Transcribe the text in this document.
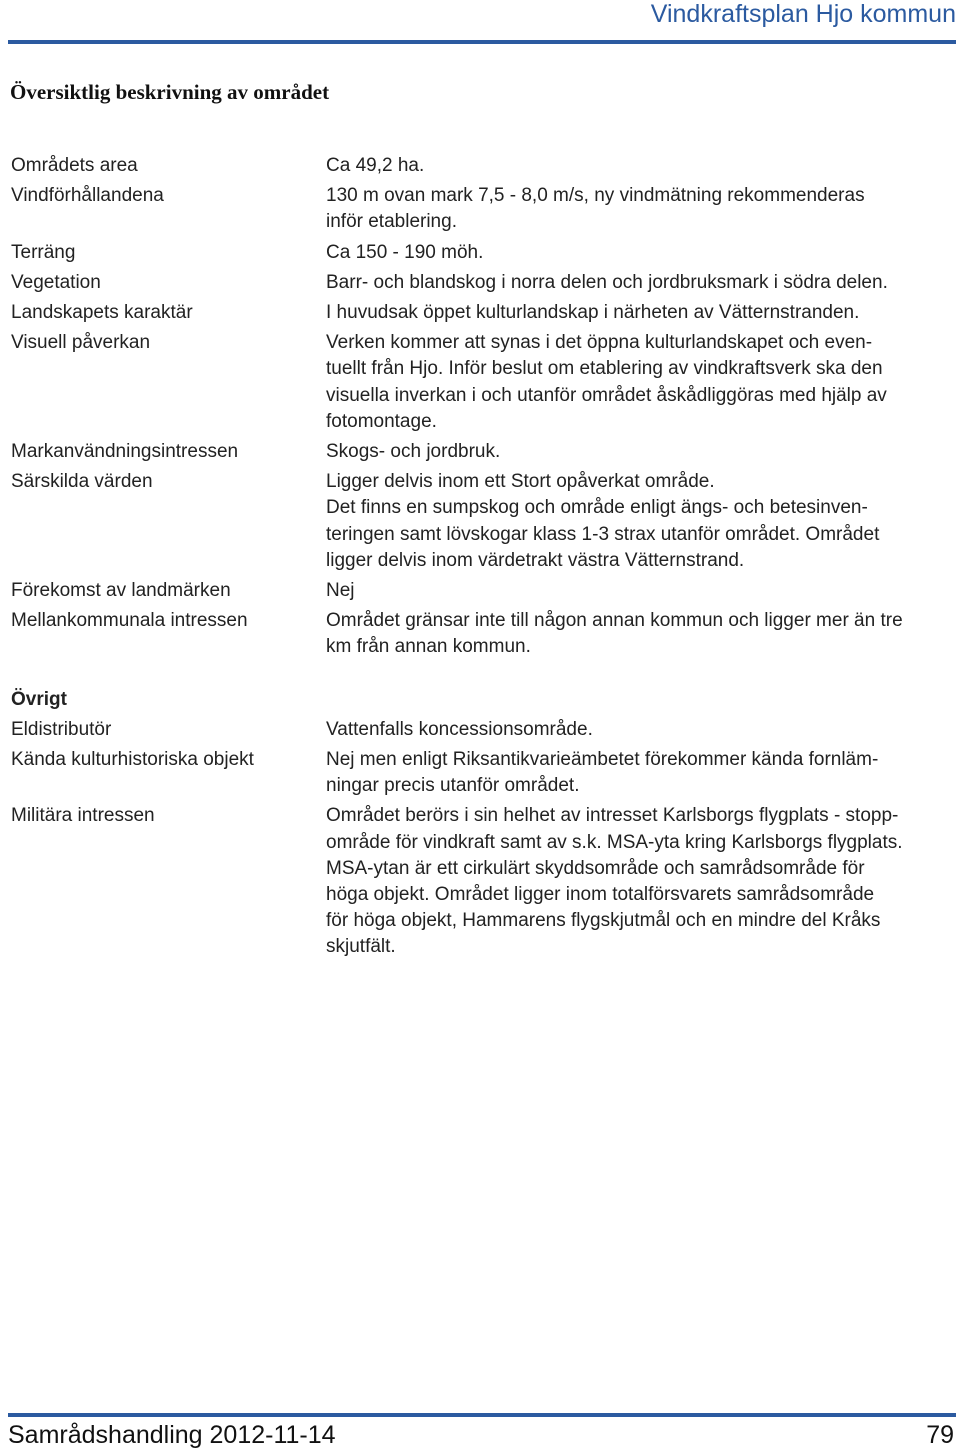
Vindkraftsplan Hjo kommun
Översiktlig beskrivning av området
Områdets area	Ca 49,2 ha.

Vindförhållandena	130 m ovan mark 7,5 - 8,0 m/s, ny vindmätning rekommenderas

inför etablering.

Terräng	Ca 150 - 190 möh.

Vegetation	Barr- och blandskog i norra delen och jordbruksmark i södra delen.

Landskapets karaktär	I huvudsak öppet kulturlandskap i närheten av Vätternstranden.

Visuell påverkan	Verken kommer att synas i det öppna kulturlandskapet och even-

tuellt från Hjo. Inför beslut om etablering av vindkraftsverk ska den

visuella inverkan i och utanför området åskådliggöras med hjälp av

fotomontage.

Markanvändningsintressen	Skogs- och jordbruk.

Särskilda värden	Ligger delvis inom ett Stort opåverkat område.

Det finns en sumpskog och område enligt ängs- och betesinven-

teringen samt lövskogar klass 1-3 strax utanför området. Området

ligger delvis inom värdetrakt västra Vätternstrand.

Förekomst av landmärken	Nej

Mellankommunala intressen	Området gränsar inte till någon annan kommun och ligger mer än tre

km från annan kommun.

Övrigt
Eldistributör	Vattenfalls koncessionsområde.

Kända kulturhistoriska objekt	Nej men enligt Riksantikvarieämbetet förekommer kända fornläm-

ningar precis utanför området.

Militära intressen	Området berörs i sin helhet av intresset Karlsborgs flygplats - stopp-

område för vindkraft samt av s.k. MSA-yta kring Karlsborgs flygplats.

MSA-ytan är ett cirkulärt skyddsområde och samrådsområde för

höga objekt. Området ligger inom totalförsvarets samrådsområde

för höga objekt, Hammarens flygskjutmål och en mindre del Kråks

skjutfält.

Samrådshandling 2012-11-14	79
